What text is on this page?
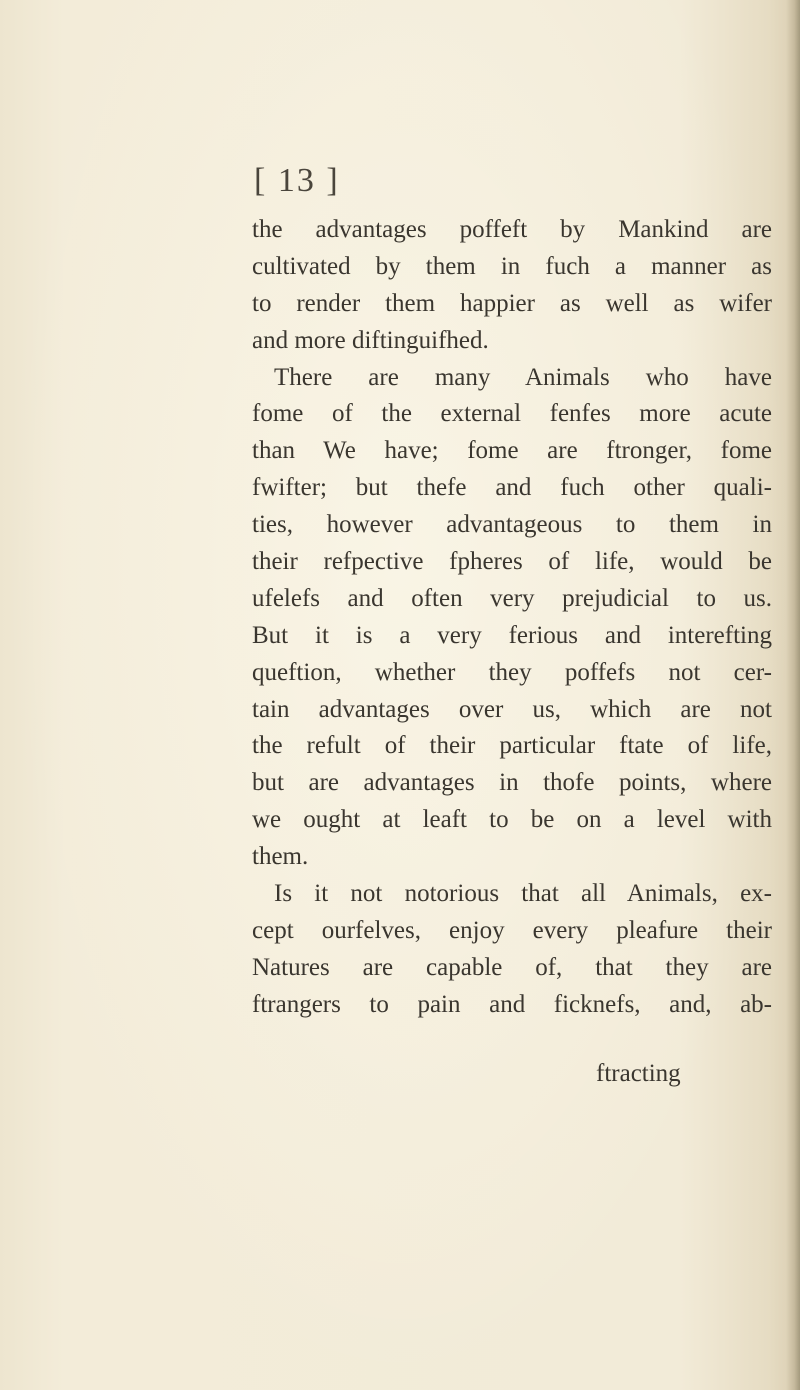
[ 13 ]
the advantages poffeft by Mankind are
cultivated by them in fuch a manner as
to render them happier as well as wifer
and more diftinguifhed.
There are many Animals who have
fome of the external fenfes more acute
than We have; fome are ftronger, fome
fwifter; but thefe and fuch other quali-
ties, however advantageous to them in
their refpective fpheres of life, would be
ufelefs and often very prejudicial to us.
But it is a very ferious and interefting
queftion, whether they poffefs not cer-
tain advantages over us, which are not
the refult of their particular ftate of life,
but are advantages in thofe points, where
we ought at leaft to be on a level with
them.
Is it not notorious that all Animals, ex-
cept ourfelves, enjoy every pleafure their
Natures are capable of, that they are
ftrangers to pain and ficknefs, and, ab-
ftracting
